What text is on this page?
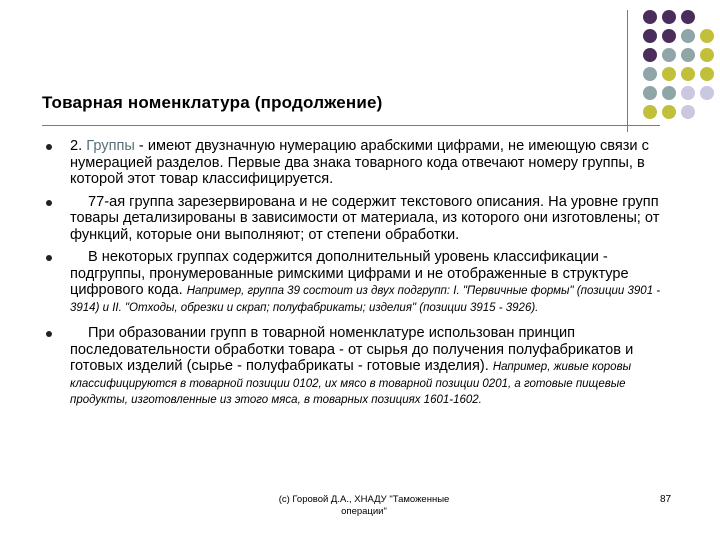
Товарная номенклатура (продолжение)
2. Группы - имеют двузначную нумерацию арабскими цифрами, не имеющую связи с нумерацией разделов. Первые два знака товарного кода отвечают номеру группы, в которой этот товар классифицируется.
77-ая группа зарезервирована и не содержит текстового описания. На уровне групп товары детализированы в зависимости от материала, из которого они изготовлены; от функций, которые они выполняют; от степени обработки.
В некоторых группах содержится дополнительный уровень классификации - подгруппы, пронумерованные римскими цифрами и не отображенные в структуре цифрового кода. Например, группа 39 состоит из двух подгрупп: I. "Первичные формы" (позиции 3901 - 3914) и II. "Отходы, обрезки и скрап; полуфабрикаты; изделия" (позиции 3915 - 3926).
При образовании групп в товарной номенклатуре использован принцип последовательности обработки товара - от сырья до получения полуфабрикатов и готовых изделий (сырье - полуфабрикаты - готовые изделия). Например, живые коровы классифицируются в товарной позиции 0102, их мясо в товарной позиции 0201, а готовые пищевые продукты, изготовленные из этого мяса, в товарных позициях 1601-1602.
(c) Горовой Д.А., ХНАДУ "Таможенные операции"
87
